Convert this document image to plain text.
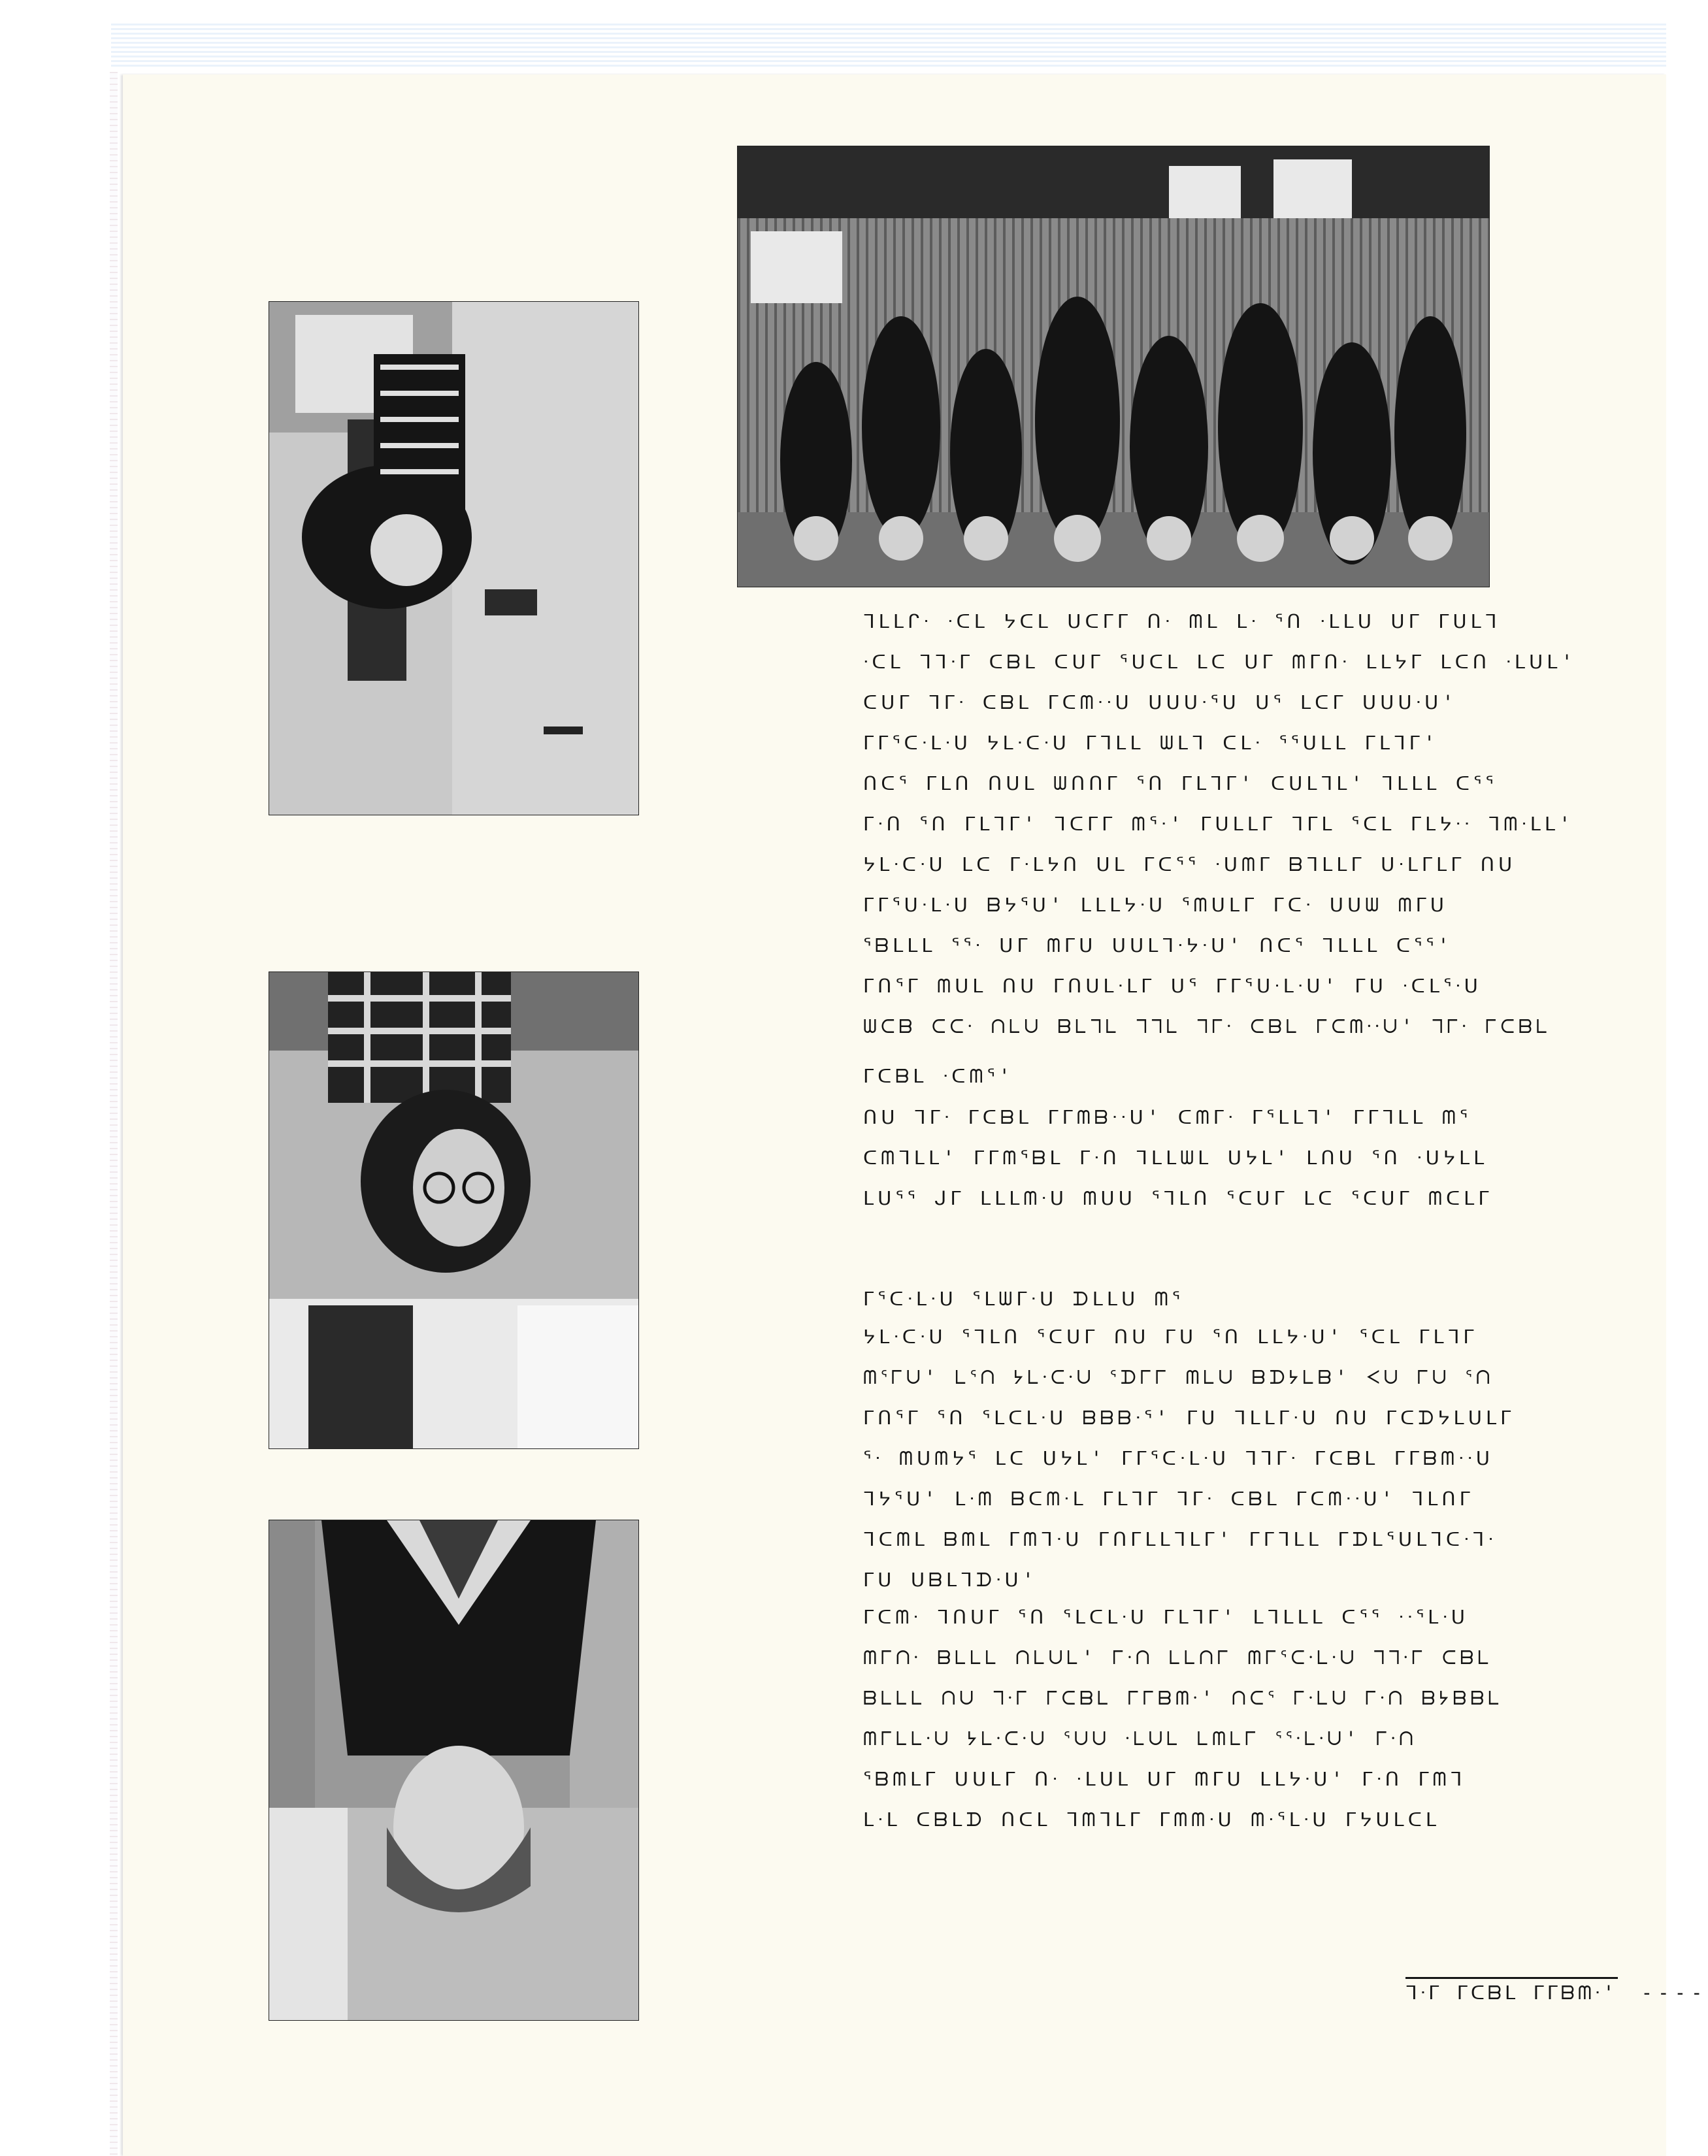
ᒣᒪᒪᒋᐧ ᐧᑕᒪ ᔭᑕᒪ ᑌᑕᒥᒥ ᑎᐧ ᗰᒪ ᒪᐧ ᕐᑎ ᐧᒪᒪᑌ ᑌᒥ ᒥᑌᒪᒣ
ᐧᑕᒪ ᒣᒣᐧᒥ ᑕᗷᒪ ᑕᑌᒥ ᕐᑌᑕᒪ ᒪᑕ ᑌᒥ ᗰᒥᑎᐧ ᒪᒪᔭᒥ ᒪᑕᑎ ᐧᒪᑌᒪ'
ᑕᑌᒥ ᒣᒥᐧ ᑕᗷᒪ ᒥᑕᗰᐧᐧᑌ ᑌᑌᑌᐧᕐᑌ ᑌᕐ ᒪᑕᒥ ᑌᑌᑌᐧᑌ'
ᒥᒥᕐᑕᐧᒪᐧᑌ ᔭᒪᐧᑕᐧᑌ ᒥᒣᒪᒪ ᗯᒪᒣ ᑕᒪᐧ ᕐᕐᑌᒪᒪ ᒥᒪᒣᒥ'
ᑎᑕᕐ ᒥᒪᑎ ᑎᑌᒪ ᗯᑎᑎᒥ ᕐᑎ ᒥᒪᒣᒥ' ᑕᑌᒪᒣᒪ' ᒣᒪᒪᒪ ᑕᕐᕐ
ᒥᐧᑎ ᕐᑎ ᒥᒪᒣᒥ' ᒣᑕᒥᒥ ᗰᕐᐧ' ᒥᑌᒪᒪᒥ ᒣᒥᒪ ᕐᑕᒪ ᒥᒪᔭᐧᐧ ᒣᗰᐧᒪᒪ'
ᔭᒪᐧᑕᐧᑌ ᒪᑕ ᒥᐧᒪᔭᑎ ᑌᒪ ᒥᑕᕐᕐ ᐧᑌᗰᒥ ᗷᒣᒪᒪᒥ ᑌᐧᒪᒥᒪᒥ ᑎᑌ
ᒥᒥᕐᑌᐧᒪᐧᑌ ᗷᔭᕐᑌ' ᒪᒪᒪᔭᐧᑌ ᕐᗰᑌᒪᒥ ᒥᑕᐧ ᑌᑌᗯ ᗰᒥᑌ
ᕐᗷᒪᒪᒪ ᕐᕐᐧ ᑌᒥ ᗰᒥᑌ ᑌᑌᒪᒣᐧᔭᐧᑌ' ᑎᑕᕐ ᒣᒪᒪᒪ ᑕᕐᕐ'
ᒥᑎᕐᒥ ᗰᑌᒪ ᑎᑌ ᒥᑎᑌᒪᐧᒪᒥ ᑌᕐ ᒥᒥᕐᑌᐧᒪᐧᑌ' ᒥᑌ ᐧᑕᒪᕐᐧᑌ
ᗯᑕᗷ ᑕᑕᐧ ᑎᒪᑌ ᗷᒪᒣᒪ ᒣᒣᒪ ᒣᒥᐧ ᑕᗷᒪ ᒥᑕᗰᐧᐧᑌ' ᒣᒥᐧ ᒥᑕᗷᒪ
ᒥᑕᗷᒪ ᐧᑕᗰᕐ'
ᑎᑌ ᒣᒥᐧ ᒥᑕᗷᒪ ᒥᒥᗰᗷᐧᐧᑌ' ᑕᗰᒥᐧ ᒥᕐᒪᒪᒣ' ᒥᒥᒣᒪᒪ ᗰᕐ
ᑕᗰᒣᒪᒪ' ᒥᒥᗰᕐᗷᒪ ᒥᐧᑎ ᒣᒪᒪᗯᒪ ᑌᔭᒪ' ᒪᑎᑌ ᕐᑎ ᐧᑌᔭᒪᒪ
ᒪᑌᕐᕐ ᒍᒥ ᒪᒪᒪᗰᐧᑌ ᗰᑌᑌ ᕐᒣᒪᑎ ᕐᑕᑌᒥ ᒪᑕ ᕐᑕᑌᒥ ᗰᑕᒪᒥ
ᒥᕐᑕᐧᒪᐧᑌ ᕐᒪᗯᒥᐧᑌ ᗪᒪᒪᑌ ᗰᕐ
ᔭᒪᐧᑕᐧᑌ ᕐᒣᒪᑎ ᕐᑕᑌᒥ ᑎᑌ ᒥᑌ ᕐᑎ ᒪᒪᔭᐧᑌ' ᕐᑕᒪ ᒥᒪᒣᒥ
ᗰᕐᒥᑌ' ᒪᕐᑎ ᔭᒪᐧᑕᐧᑌ ᕐᗪᒥᒥ ᗰᒪᑌ ᗷᗪᔭᒪᗷ' ᐸᑌ ᒥᑌ ᕐᑎ
ᒥᑎᕐᒥ ᕐᑎ ᕐᒪᑕᒪᐧᑌ ᗷᗷᗷᐧᕐ' ᒥᑌ ᒣᒪᒪᒥᐧᑌ ᑎᑌ ᒥᑕᗪᔭᒪᑌᒪᒥ
ᕐᐧ ᗰᑌᗰᔭᕐ ᒪᑕ ᑌᔭᒪ' ᒥᒥᕐᑕᐧᒪᐧᑌ ᒣᒣᒥᐧ ᒥᑕᗷᒪ ᒥᒥᗷᗰᐧᐧᑌ
ᒣᔭᕐᑌ' ᒪᐧᗰ ᗷᑕᗰᐧᒪ ᒥᒪᒣᒥ ᒣᒥᐧ ᑕᗷᒪ ᒥᑕᗰᐧᐧᑌ' ᒣᒪᑎᒥ
ᒣᑕᗰᒪ ᗷᗰᒪ ᒥᗰᒣᐧᑌ ᒥᑎᒥᒪᒪᒣᒪᒥ' ᒥᒥᒣᒪᒪ ᒥᗪᒪᕐᑌᒪᒣᑕᐧᒣᐧ
ᒥᑌ ᑌᗷᒪᒣᗪᐧᑌ'
ᒥᑕᗰᐧ ᒣᑎᑌᒥ ᕐᑎ ᕐᒪᑕᒪᐧᑌ ᒥᒪᒣᒥ' ᒪᒣᒪᒪᒪ ᑕᕐᕐ ᐧᐧᕐᒪᐧᑌ
ᗰᒥᑎᐧ ᗷᒪᒪᒪ ᑎᒪᑌᒪ' ᒥᐧᑎ ᒪᒪᑎᒥ ᗰᒥᕐᑕᐧᒪᐧᑌ ᒣᒣᐧᒥ ᑕᗷᒪ
ᗷᒪᒪᒪ ᑎᑌ ᒣᐧᒥ ᒥᑕᗷᒪ ᒥᒥᗷᗰᐧ' ᑎᑕᕐ ᒥᐧᒪᑌ ᒥᐧᑎ ᗷᔭᗷᗷᒪ
ᗰᒥᒪᒪᐧᑌ ᔭᒪᐧᑕᐧᑌ ᕐᑌᑌ ᐧᒪᑌᒪ ᒪᗰᒪᒥ ᕐᕐᐧᒪᐧᑌ' ᒥᐧᑎ
ᕐᗷᗰᒪᒥ ᑌᑌᒪᒥ ᑎᐧ ᐧᒪᑌᒪ ᑌᒥ ᗰᒥᑌ ᒪᒪᔭᐧᑌ' ᒥᐧᑎ ᒥᗰᒣ
ᒪᐧᒪ ᑕᗷᒪᗪ ᑎᑕᒪ ᒣᗰᒣᒪᒥ ᒥᗰᗰᐧᑌ ᗰᐧᕐᒪᐧᑌ ᒥᔭᑌᒪᑕᒪ
ᒣᐧᒥ ᒥᑕᗷᒪ ᒥᒥᗷᗰᐧ' ----
